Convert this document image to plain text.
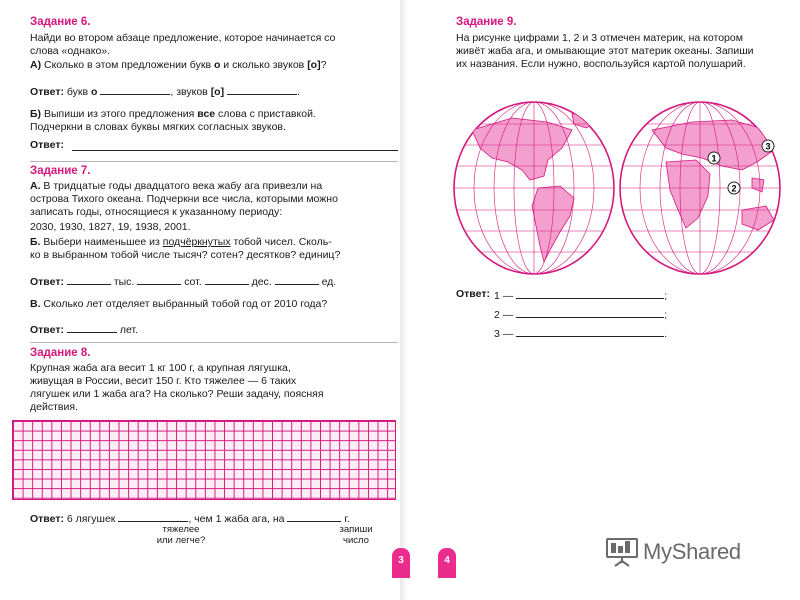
Задание 6.
Найди во втором абзаце предложение, которое начинается со
слова «однако».
А) Сколько в этом предложении букв о и сколько звуков [о]?
Ответ: букв о	, звуков [о]	.
Б) Выпиши из этого предложения все слова с приставкой.
Подчеркни в словах буквы мягких согласных звуков.
Ответ:
Задание 7.
А. В тридцатые годы двадцатого века жабу ага привезли на
острова Тихого океана. Подчеркни все числа, которыми можно
записать годы, относящиеся к указанному периоду:
2030, 1930, 1827, 19, 1938, 2001.
Б. Выбери наименьшее из подчёркнутых тобой чисел. Сколь-
ко в выбранном тобой числе тысяч? сотен? десятков? единиц?
Ответ:	тыс.	сот.	дес.	ед.
В. Сколько лет отделяет выбранный тобой год от 2010 года?
Ответ:	лет.
Задание 8.
Крупная жаба ага весит 1 кг 100 г, а крупная лягушка,
живущая в России, весит 150 г. Кто тяжелее — 6 таких
лягушек или 1 жаба ага? На сколько? Реши задачу, поясняя
действия.
Ответ: 6 лягушек	, чем 1 жаба ага, на	г.
тяжелее
или легче?
запиши
число
3	4
Задание 9.
На рисунке цифрами 1, 2 и 3 отмечен материк, на котором
живёт жаба ага, и омывающие этот материк океаны. Запиши
их названия. Если нужно, воспользуйся картой полушарий.
1
2
3
Ответ: 1 —	;
2 —	;
3 —	.
MyShared
